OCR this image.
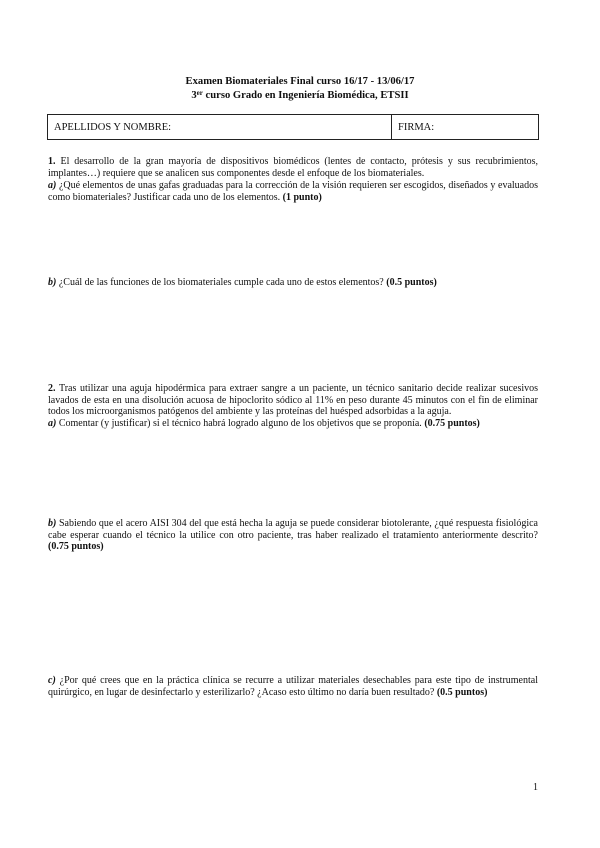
Examen Biomateriales Final curso 16/17 - 13/06/17
3er curso Grado en Ingeniería Biomédica, ETSII
APELLIDOS Y NOMBRE:	FIRMA:
1. El desarrollo de la gran mayoría de dispositivos biomédicos (lentes de contacto, prótesis y sus recubrimientos, implantes…) requiere que se analicen sus componentes desde el enfoque de los biomateriales.
a) ¿Qué elementos de unas gafas graduadas para la corrección de la visión requieren ser escogidos, diseñados y evaluados como biomateriales? Justificar cada uno de los elementos. (1 punto)
b) ¿Cuál de las funciones de los biomateriales cumple cada uno de estos elementos? (0.5 puntos)
2. Tras utilizar una aguja hipodérmica para extraer sangre a un paciente, un técnico sanitario decide realizar sucesivos lavados de esta en una disolución acuosa de hipoclorito sódico al 11% en peso durante 45 minutos con el fin de eliminar todos los microorganismos patógenos del ambiente y las proteínas del huésped adsorbidas a la aguja.
a) Comentar (y justificar) si el técnico habrá logrado alguno de los objetivos que se proponía. (0.75 puntos)
b) Sabiendo que el acero AISI 304 del que está hecha la aguja se puede considerar biotolerante, ¿qué respuesta fisiológica cabe esperar cuando el técnico la utilice con otro paciente, tras haber realizado el tratamiento anteriormente descrito? (0.75 puntos)
c) ¿Por qué crees que en la práctica clínica se recurre a utilizar materiales desechables para este tipo de instrumental quirúrgico, en lugar de desinfectarlo y esterilizarlo? ¿Acaso esto último no daría buen resultado? (0.5 puntos)
1
